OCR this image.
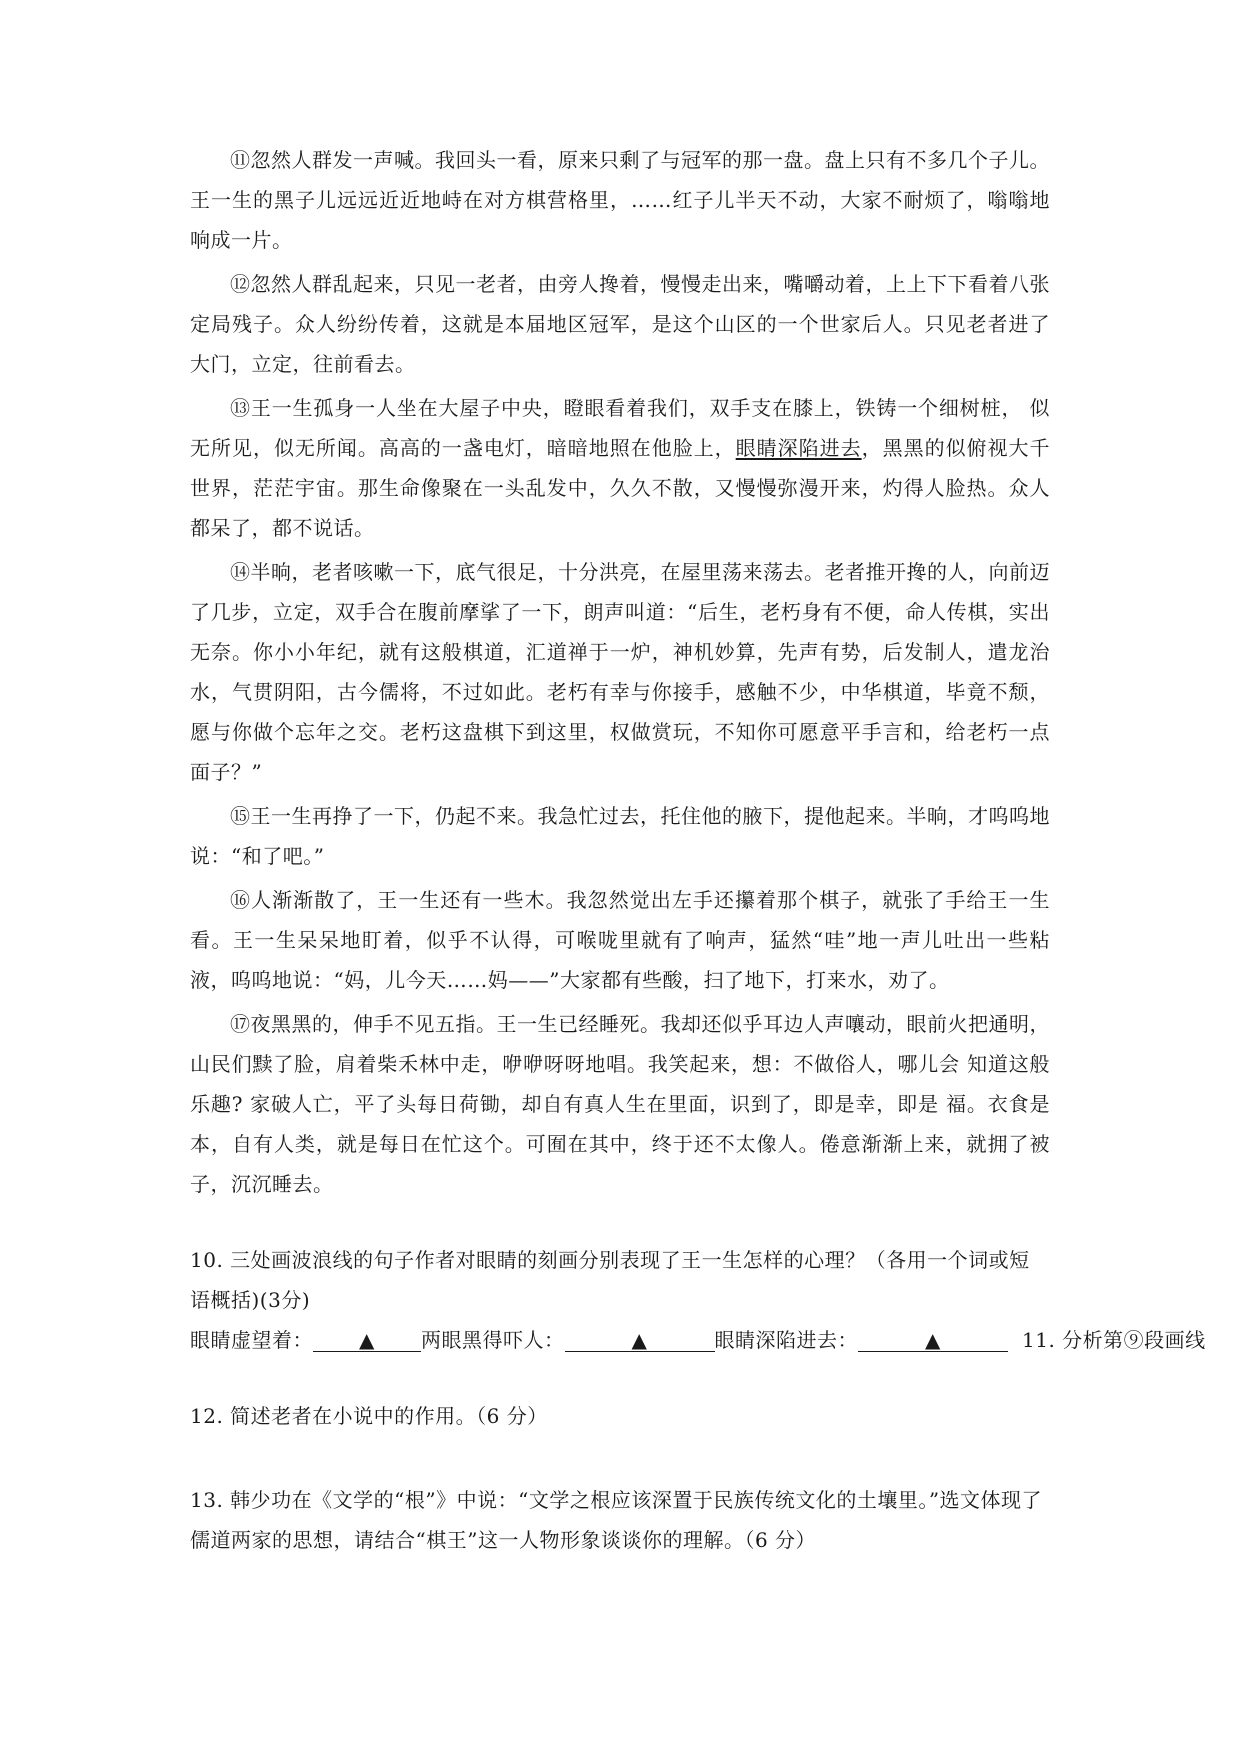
⑪忽然人群发一声喊。我回头一看，原来只剩了与冠军的那一盘。盘上只有不多几个子儿。王一生的黑子儿远远近近地峙在对方棋营格里，……红子儿半天不动，大家不耐烦了，嗡嗡地响成一片。

⑫忽然人群乱起来，只见一老者，由旁人搀着，慢慢走出来，嘴嚼动着，上上下下看着八张定局残子。众人纷纷传着，这就是本届地区冠军，是这个山区的一个世家后人。只见老者进了大门，立定，往前看去。

⑬王一生孤身一人坐在大屋子中央，瞪眼看着我们，双手支在膝上，铁铸一个细树桩， 似无所见，似无所闻。高高的一盏电灯，暗暗地照在他脸上，眼睛深陷进去，黑黑的似俯视大千世界，茫茫宇宙。那生命像聚在一头乱发中，久久不散，又慢慢弥漫开来，灼得人脸热。众人都呆了，都不说话。

⑭半晌，老者咳嗽一下，底气很足，十分洪亮，在屋里荡来荡去。老者推开搀的人，向前迈了几步，立定，双手合在腹前摩挲了一下，朗声叫道：“后生，老朽身有不便，命人传棋，实出无奈。你小小年纪，就有这般棋道，汇道禅于一炉，神机妙算，先声有势，后发制人，遣龙治水，气贯阴阳，古今儒将，不过如此。老朽有幸与你接手，感触不少，中华棋道，毕竟不颓，愿与你做个忘年之交。老朽这盘棋下到这里，权做赏玩，不知你可愿意平手言和，给老朽一点面子？”

⑮王一生再挣了一下，仍起不来。我急忙过去，托住他的腋下，提他起来。半晌，才呜呜地说：“和了吧。”

⑯人渐渐散了，王一生还有一些木。我忽然觉出左手还攥着那个棋子，就张了手给王一生看。王一生呆呆地盯着，似乎不认得，可喉咙里就有了响声，猛然“哇”地一声儿吐出一些粘液，呜呜地说：“妈，儿今天……妈——”大家都有些酸，扫了地下，打来水，劝了。

⑰夜黑黑的，伸手不见五指。王一生已经睡死。我却还似乎耳边人声嚷动，眼前火把通明，山民们黩了脸，肩着柴禾林中走，咿咿呀呀地唱。我笑起来，想：不做俗人，哪儿会 知道这般乐趣? 家破人亡，平了头每日荷锄，却自有真人生在里面，识到了，即是幸，即是 福。衣食是本，自有人类，就是每日在忙这个。可囿在其中，终于还不太像人。倦意渐渐上来，就拥了被子，沉沉睡去。

10. 三处画波浪线的句子作者对眼睛的刻画分别表现了王一生怎样的心理？（各用一个词或短语概括)(3分)

眼睛虚望着： ▲ 两眼黑得吓人：	▲	眼睛深陷进去：	▲	11. 分析第⑨段画线

12. 简述老者在小说中的作用。（6 分）

13. 韩少功在《文学的“根”》中说：“文学之根应该深置于民族传统文化的土壤里。”选文体现了儒道两家的思想，请结合“棋王”这一人物形象谈谈你的理解。（6 分）
